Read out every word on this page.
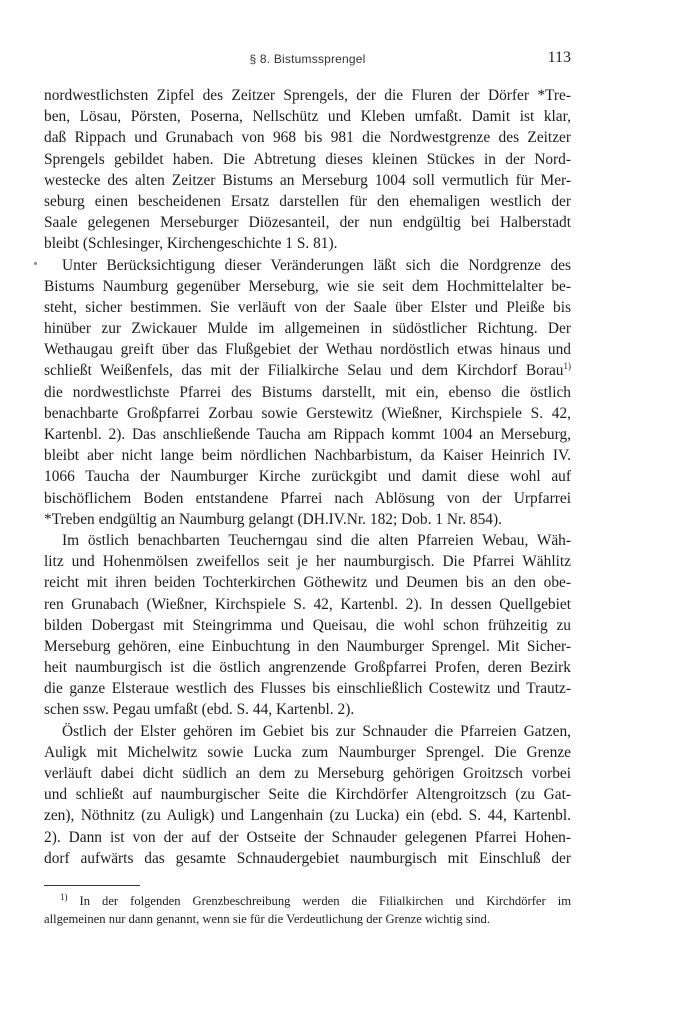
§ 8. Bistumssprengel	113
nordwestlichsten Zipfel des Zeitzer Sprengels, der die Fluren der Dörfer *Tre-
ben, Lösau, Pörsten, Poserna, Nellschütz und Kleben umfaßt. Damit ist klar,
daß Rippach und Grunabach von 968 bis 981 die Nordwestgrenze des Zeitzer
Sprengels gebildet haben. Die Abtretung dieses kleinen Stückes in der Nord-
westecke des alten Zeitzer Bistums an Merseburg 1004 soll vermutlich für Mer-
seburg einen bescheidenen Ersatz darstellen für den ehemaligen westlich der
Saale gelegenen Merseburger Diözesanteil, der nun endgültig bei Halberstadt
bleibt (Schlesinger, Kirchengeschichte 1 S. 81).
Unter Berücksichtigung dieser Veränderungen läßt sich die Nordgrenze des
Bistums Naumburg gegenüber Merseburg, wie sie seit dem Hochmittelalter be-
steht, sicher bestimmen. Sie verläuft von der Saale über Elster und Pleiße bis
hinüber zur Zwickauer Mulde im allgemeinen in südöstlicher Richtung. Der
Wethaugau greift über das Flußgebiet der Wethau nordöstlich etwas hinaus und
schließt Weißenfels, das mit der Filialkirche Selau und dem Kirchdorf Borau$^{1)}$
die nordwestlichste Pfarrei des Bistums darstellt, mit ein, ebenso die östlich
benachbarte Großpfarrei Zorbau sowie Gerstewitz (Wießner, Kirchspiele S. 42,
Kartenbl. 2). Das anschließende Taucha am Rippach kommt 1004 an Merseburg,
bleibt aber nicht lange beim nördlichen Nachbarbistum, da Kaiser Heinrich IV.
1066 Taucha der Naumburger Kirche zurückgibt und damit diese wohl auf
bischöflichem Boden entstandene Pfarrei nach Ablösung von der Urpfarrei
*Treben endgültig an Naumburg gelangt (DH.IV.Nr. 182; Dob. 1 Nr. 854).
Im östlich benachbarten Teucherngau sind die alten Pfarreien Webau, Wäh-
litz und Hohenmölsen zweifellos seit je her naumburgisch. Die Pfarrei Wählitz
reicht mit ihren beiden Tochterkirchen Göthewitz und Deumen bis an den obe-
ren Grunabach (Wießner, Kirchspiele S. 42, Kartenbl. 2). In dessen Quellgebiet
bilden Dobergast mit Steingrimma und Queisau, die wohl schon frühzeitig zu
Merseburg gehören, eine Einbuchtung in den Naumburger Sprengel. Mit Sicher-
heit naumburgisch ist die östlich angrenzende Großpfarrei Profen, deren Bezirk
die ganze Elsteraue westlich des Flusses bis einschließlich Costewitz und Trautz-
schen ssw. Pegau umfaßt (ebd. S. 44, Kartenbl. 2).
Östlich der Elster gehören im Gebiet bis zur Schnauder die Pfarreien Gatzen,
Auligk mit Michelwitz sowie Lucka zum Naumburger Sprengel. Die Grenze
verläuft dabei dicht südlich an dem zu Merseburg gehörigen Groitzsch vorbei
und schließt auf naumburgischer Seite die Kirchdörfer Altengroitzsch (zu Gat-
zen), Nöthnitz (zu Auligk) und Langenhain (zu Lucka) ein (ebd. S. 44, Kartenbl.
2). Dann ist von der auf der Ostseite der Schnauder gelegenen Pfarrei Hohen-
dorf aufwärts das gesamte Schnaudergebiet naumburgisch mit Einschluß der
$^{1)}$ In der folgenden Grenzbeschreibung werden die Filialkirchen und Kirchdörfer im
allgemeinen nur dann genannt, wenn sie für die Verdeutlichung der Grenze wichtig sind.
